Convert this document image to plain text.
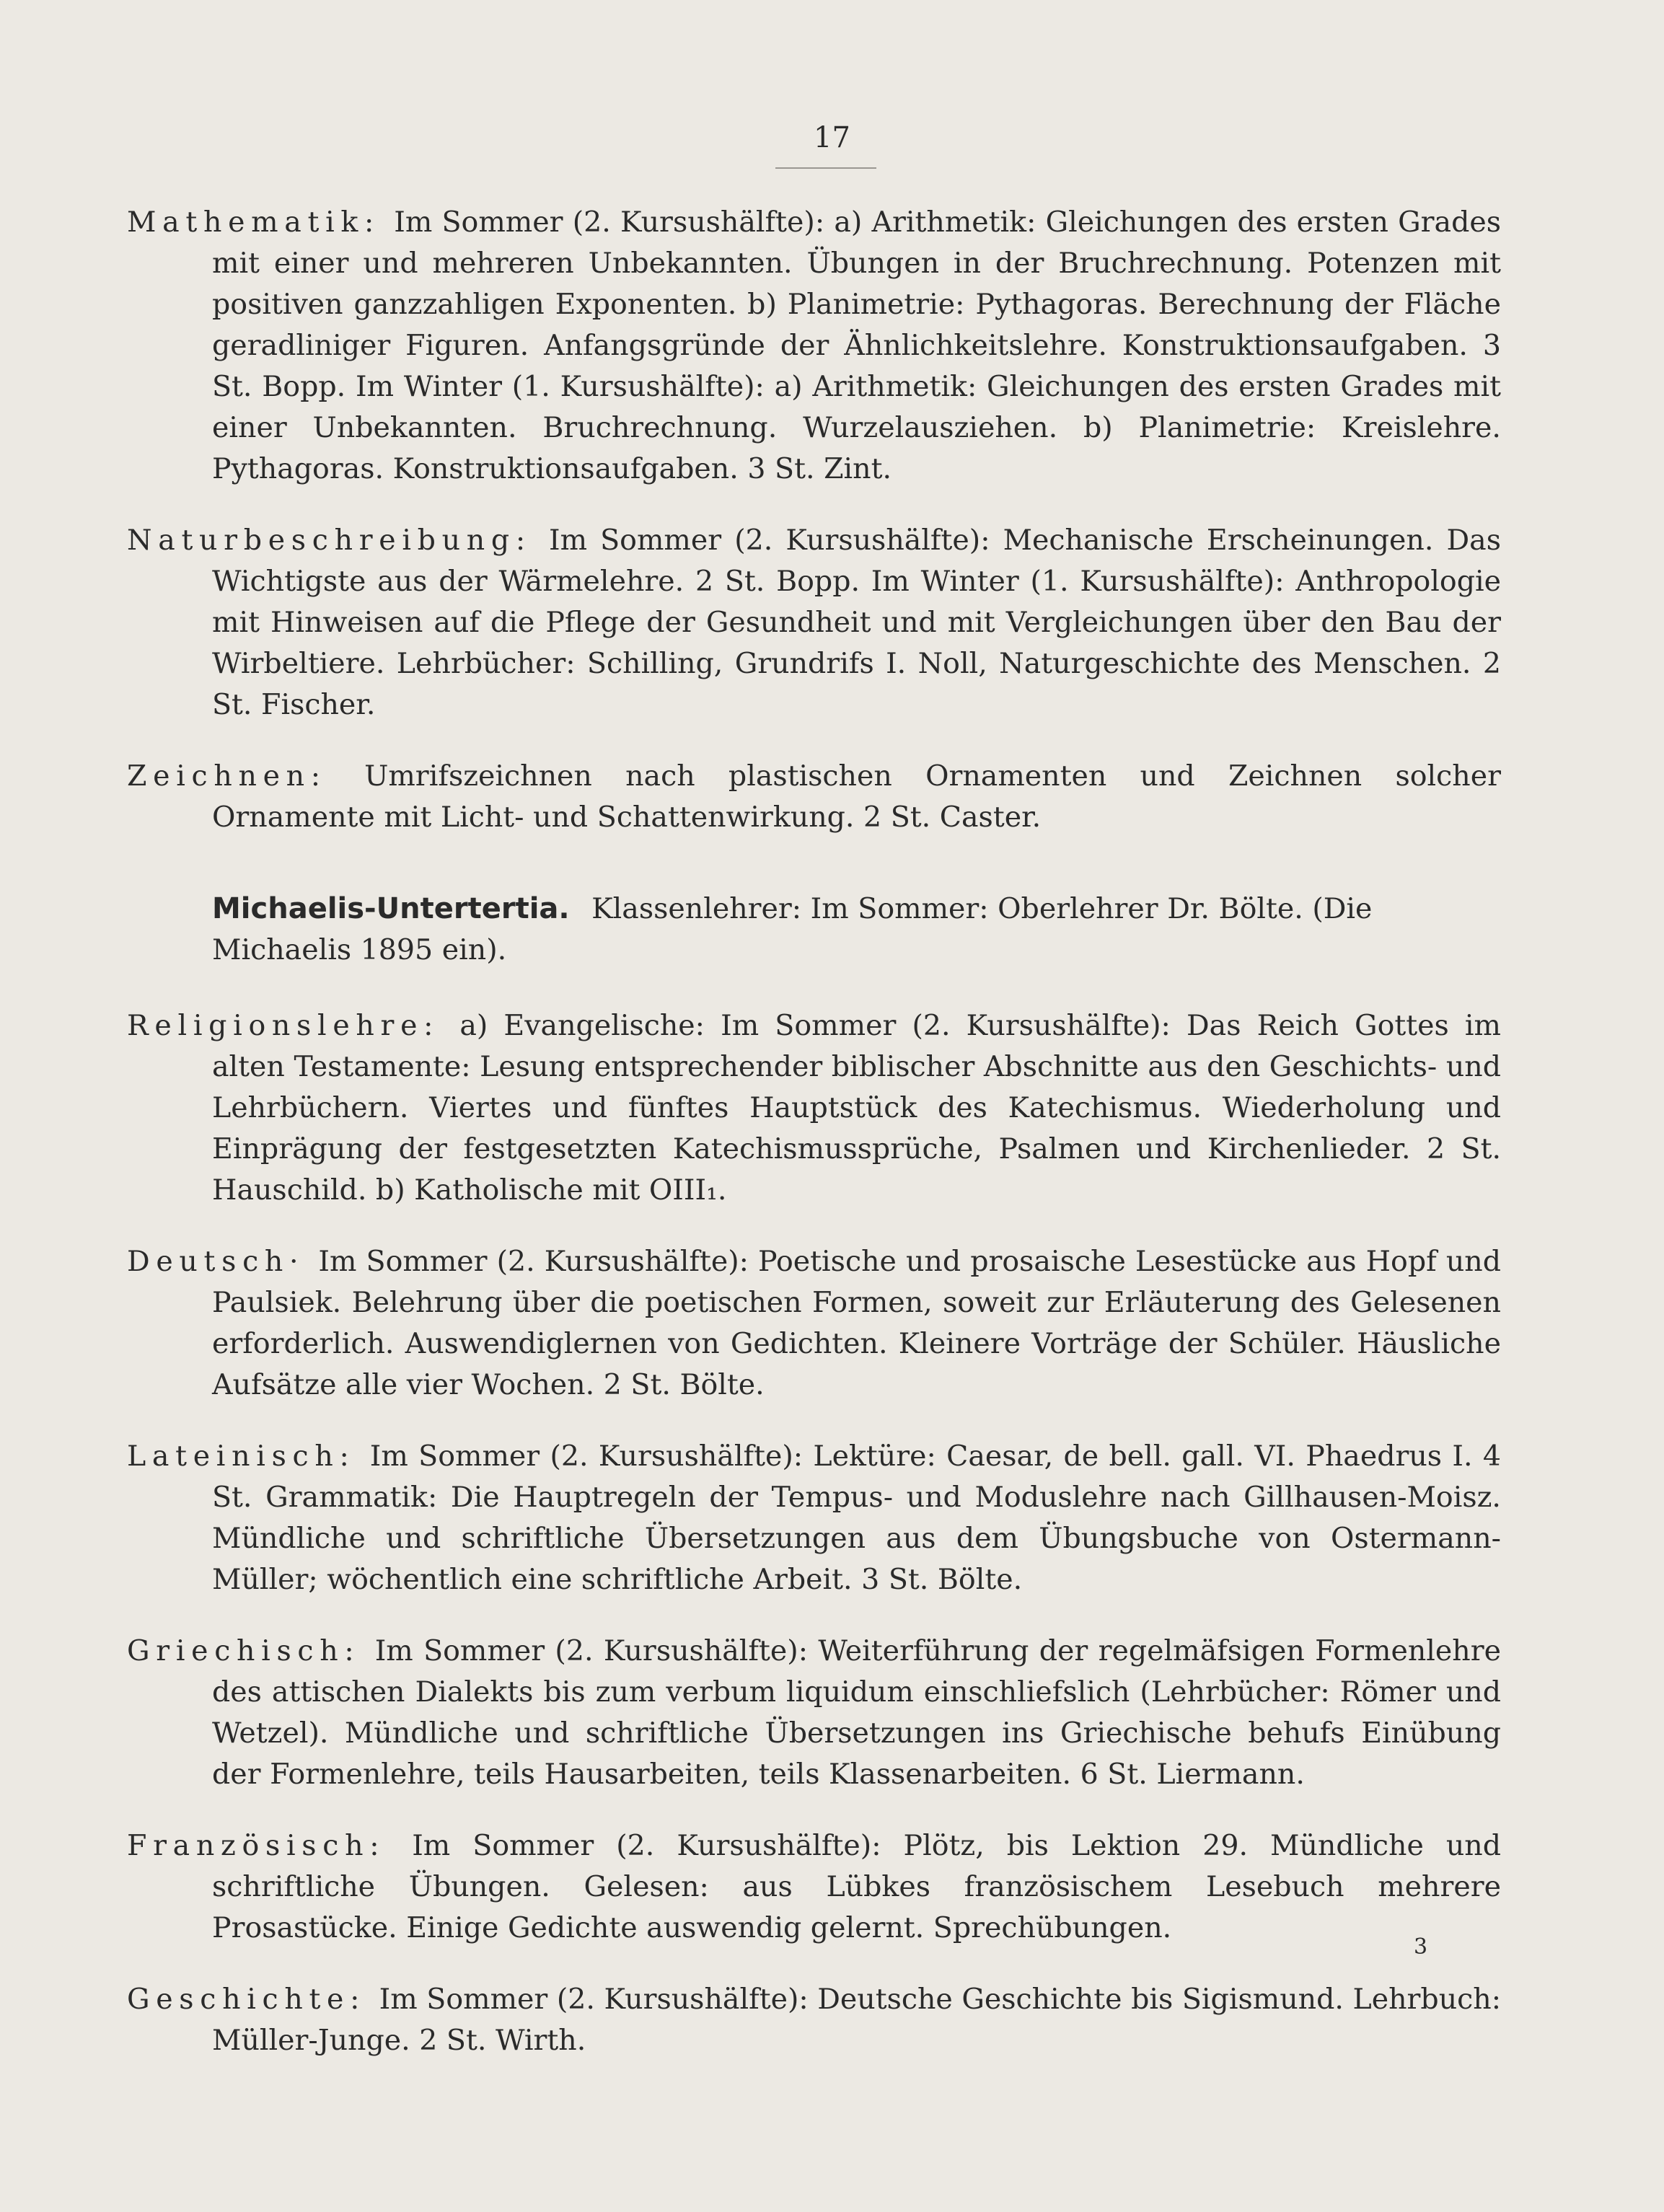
17

Mathematik: Im Sommer (2. Kursushälfte): a) Arithmetik: Gleichungen des ersten Grades mit einer und mehreren Unbekannten. Übungen in der Bruchrechnung. Potenzen mit positiven ganzzahligen Exponenten. b) Planimetrie: Pythagoras. Berechnung der Fläche geradliniger Figuren. Anfangsgründe der Ähnlichkeitslehre. Konstruktionsaufgaben. 3 St. Bopp. Im Winter (1. Kursushälfte): a) Arithmetik: Gleichungen des ersten Grades mit einer Unbekannten. Bruchrechnung. Wurzelausziehen. b) Planimetrie: Kreislehre. Pythagoras. Konstruktionsaufgaben. 3 St. Zint.

Naturbeschreibung: Im Sommer (2. Kursushälfte): Mechanische Erscheinungen. Das Wichtigste aus der Wärmelehre. 2 St. Bopp. Im Winter (1. Kursushälfte): Anthropologie mit Hinweisen auf die Pflege der Gesundheit und mit Vergleichungen über den Bau der Wirbeltiere. Lehrbücher: Schilling, Grundrifs I. Noll, Naturgeschichte des Menschen. 2 St. Fischer.

Zeichnen: Umrifszeichnen nach plastischen Ornamenten und Zeichnen solcher Ornamente mit Licht- und Schattenwirkung. 2 St. Caster.

Michaelis-Untertertia. Klassenlehrer: Im Sommer: Oberlehrer Dr. Bölte. (Die Michaelis 1895 ein).

Religionslehre: a) Evangelische: Im Sommer (2. Kursushälfte): Das Reich Gottes im alten Testamente: Lesung entsprechender biblischer Abschnitte aus den Geschichts- und Lehrbüchern. Viertes und fünftes Hauptstück des Katechismus. Wiederholung und Einprägung der festgesetzten Katechismussprüche, Psalmen und Kirchenlieder. 2 St. Hauschild. b) Katholische mit OIII₁.

Deutsch· Im Sommer (2. Kursushälfte): Poetische und prosaische Lesestücke aus Hopf und Paulsiek. Belehrung über die poetischen Formen, soweit zur Erläuterung des Gelesenen erforderlich. Auswendiglernen von Gedichten. Kleinere Vorträge der Schüler. Häusliche Aufsätze alle vier Wochen. 2 St. Bölte.

Lateinisch: Im Sommer (2. Kursushälfte): Lektüre: Caesar, de bell. gall. VI. Phaedrus I. 4 St. Grammatik: Die Hauptregeln der Tempus- und Moduslehre nach Gillhausen-Moisz. Mündliche und schriftliche Übersetzungen aus dem Übungsbuche von Ostermann-Müller; wöchentlich eine schriftliche Arbeit. 3 St. Bölte.

Griechisch: Im Sommer (2. Kursushälfte): Weiterführung der regelmäfsigen Formenlehre des attischen Dialekts bis zum verbum liquidum einschliefslich (Lehrbücher: Römer und Wetzel). Mündliche und schriftliche Übersetzungen ins Griechische behufs Einübung der Formenlehre, teils Hausarbeiten, teils Klassenarbeiten. 6 St. Liermann.

Französisch: Im Sommer (2. Kursushälfte): Plötz, bis Lektion 29. Mündliche und schriftliche Übungen. Gelesen: aus Lübkes französischem Lesebuch mehrere Prosastücke. Einige Gedichte auswendig gelernt. Sprechübungen.

Geschichte: Im Sommer (2. Kursushälfte): Deutsche Geschichte bis Sigismund. Lehrbuch: Müller-Junge. 2 St. Wirth.

3
